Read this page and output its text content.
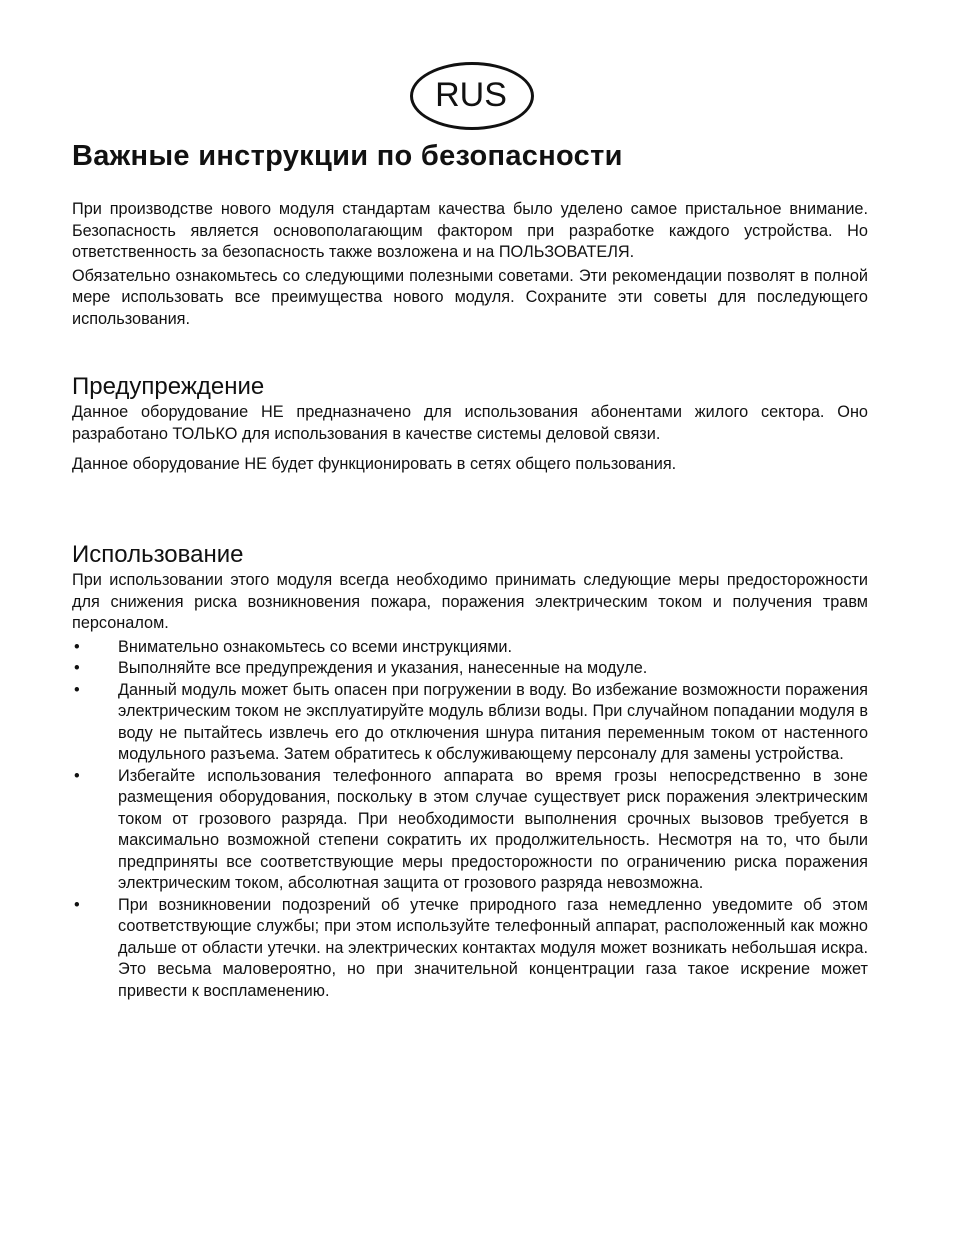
RUS
Важные инструкции по безопасности

При производстве нового модуля стандартам качества было уделено самое пристальное внимание. Безопасность является основополагающим фактором при разработке каждого устройства. Но ответственность за безопасность также возложена и на ПОЛЬЗОВАТЕЛЯ.

Обязательно ознакомьтесь со следующими полезными советами. Эти рекомендации позволят в полной мере использовать все преимущества нового модуля. Сохраните эти советы для последующего использования.

Предупреждение

Данное оборудование НЕ предназначено для использования абонентами жилого сектора. Оно разработано ТОЛЬКО для использования в качестве системы деловой связи.

Данное оборудование НЕ будет функционировать в сетях общего пользования.

Использование

При использовании этого модуля всегда необходимо принимать следующие меры предосторожности для снижения риска возникновения пожара, поражения электрическим током и получения травм персоналом.

• Внимательно ознакомьтесь со всеми инструкциями.
• Выполняйте все предупреждения и указания, нанесенные на модуле.
• Данный модуль может быть опасен при погружении в воду. Во избежание возможности поражения электрическим током не эксплуатируйте модуль вблизи воды. При случайном попадании модуля в воду не пытайтесь извлечь его до отключения шнура питания переменным током от настенного модульного разъема. Затем обратитесь к обслуживающему персоналу для замены устройства.
• Избегайте использования телефонного аппарата во время грозы непосредственно в зоне размещения оборудования, поскольку в этом случае существует риск поражения электрическим током от грозового разряда. При необходимости выполнения срочных вызовов требуется в максимально возможной степени сократить их продолжительность. Несмотря на то, что были предприняты все соответствующие меры предосторожности по ограничению риска поражения электрическим током, абсолютная защита от грозового разряда невозможна.
• При возникновении подозрений об утечке природного газа немедленно уведомите об этом соответствующие службы; при этом используйте телефонный аппарат, расположенный как можно дальше от области утечки. на электрических контактах модуля может возникать небольшая искра. Это весьма маловероятно, но при значительной концентрации газа такое искрение может привести к воспламенению.
